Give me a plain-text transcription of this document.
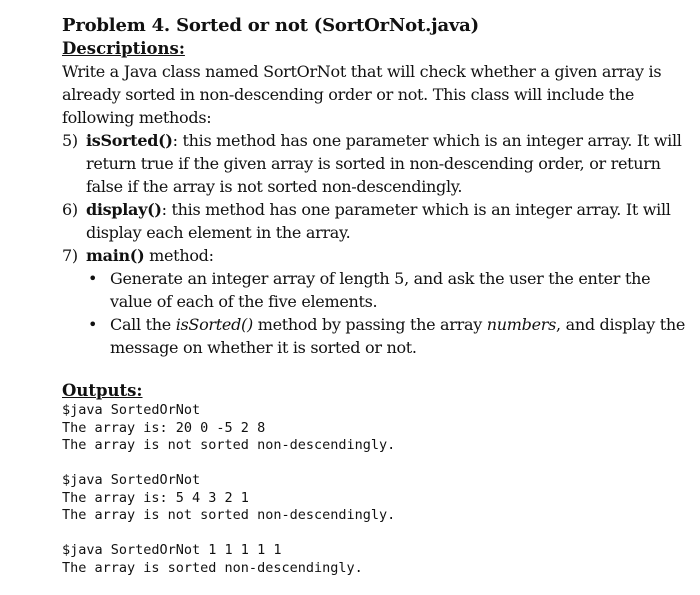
Problem 4. Sorted or not (SortOrNot.java)
Descriptions:

Write a Java class named SortOrNot that will check whether a given array is already sorted in non-descending order or not. This class will include the following methods:

5) isSorted(): this method has one parameter which is an integer array. It will return true if the given array is sorted in non-descending order, or return false if the array is not sorted non-descendingly.
6) display(): this method has one parameter which is an integer array. It will display each element in the array.
7) main() method:
• Generate an integer array of length 5, and ask the user the enter the value of each of the five elements.
• Call the isSorted() method by passing the array numbers, and display the message on whether it is sorted or not.
Outputs:
$java SortedOrNot
The array is: 20 0 -5 2 8
The array is not sorted non-descendingly.
$java SortedOrNot
The array is: 5 4 3 2 1
The array is not sorted non-descendingly.
$java SortedOrNot 1 1 1 1 1
The array is sorted non-descendingly.
